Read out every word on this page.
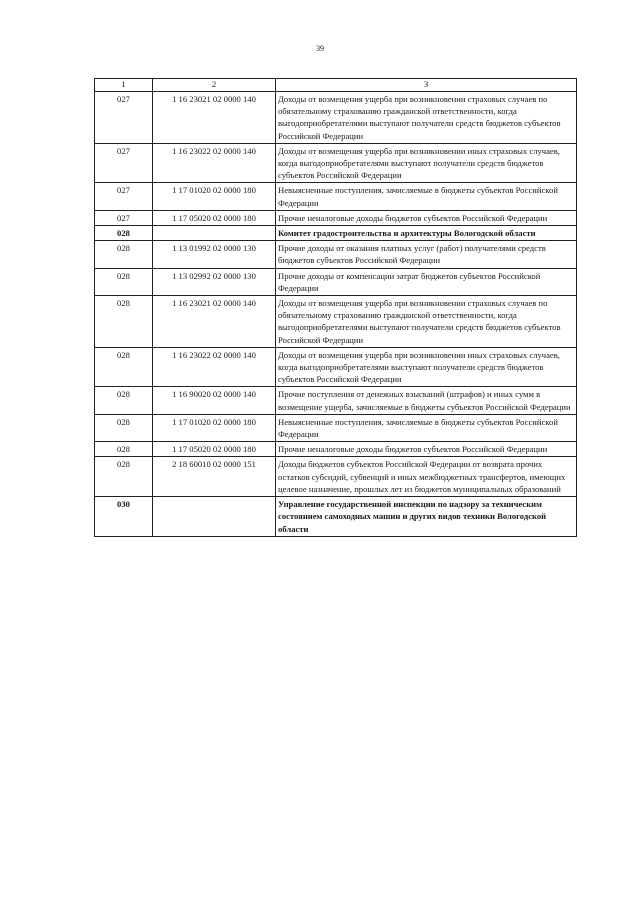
39
1	2	3
027	1 16 23021 02 0000 140	Доходы от возмещения ущерба при возникновении страховых случаев по обязательному страхованию гражданской ответственности, когда выгодоприобретателями выступают получатели средств бюджетов субъектов Российской Федерации
027	1 16 23022 02 0000 140	Доходы от возмещения ущерба при возникновении иных страховых случаев, когда выгодоприобретателями выступают получатели средств бюджетов субъектов Российской Федерации
027	1 17 01020 02 0000 180	Невыясненные поступления, зачисляемые в бюджеты субъектов Российской Федерации
027	1 17 05020 02 0000 180	Прочие неналоговые доходы бюджетов субъектов Российской Федерации
028		Комитет градостроительства и архитектуры Вологодской области
028	1 13 01992 02 0000 130	Прочие доходы от оказания платных услуг (работ) получателями средств бюджетов субъектов Российской Федерации
028	1 13 02992 02 0000 130	Прочие доходы от компенсации затрат бюджетов субъектов Российской Федерации
028	1 16 23021 02 0000 140	Доходы от возмещения ущерба при возникновении страховых случаев по обязательному страхованию гражданской ответственности, когда выгодоприобретателями выступают получатели средств бюджетов субъектов Российской Федерации
028	1 16 23022 02 0000 140	Доходы от возмещения ущерба при возникновении иных страховых случаев, когда выгодоприобретателями выступают получатели средств бюджетов субъектов Российской Федерации
028	1 16 90020 02 0000 140	Прочие поступления от денежных взысканий (штрафов) и иных сумм в возмещение ущерба, зачисляемые в бюджеты субъектов Российской Федерации
028	1 17 01020 02 0000 180	Невыясненные поступления, зачисляемые в бюджеты субъектов Российской Федерации
028	1 17 05020 02 0000 180	Прочие неналоговые доходы бюджетов субъектов Российской Федерации
028	2 18 60010 02 0000 151	Доходы бюджетов субъектов Российской Федерации от возврата прочих остатков субсидий, субвенций и иных межбюджетных трансфертов, имеющих целевое назначение, прошлых лет из бюджетов муниципальных образований
030		Управление государственной инспекции по надзору за техническим состоянием самоходных машин и других видов техники Вологодской области
